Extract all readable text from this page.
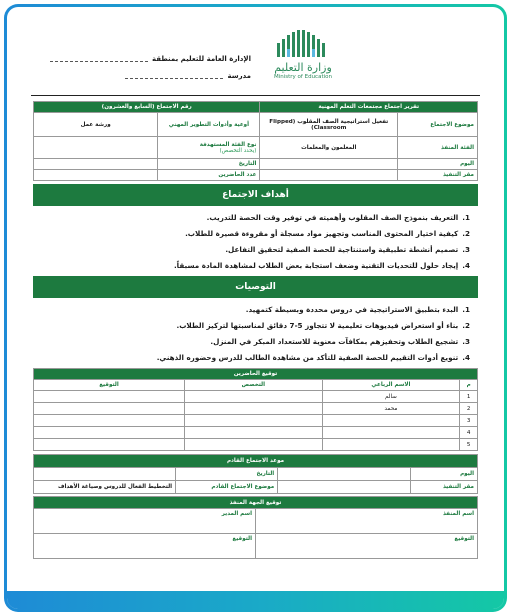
وزارة التعليم
Ministry of Education
الإدارة العامة للتعليم بمنطقة
مدرسة
تقرير اجتماع مجتمعات التعلم المهنية		رقم الاجتماع (السابع والعشرون)	
موضوع الاجتماع	تفعيل استراتيجية الصف المقلوب (Flipped Classroom)	أوعية وأدوات التطوير المهني	ورشة عمل
الفئة المنفذ	المعلمون والمعلمات	نوع الفئة المستهدفة
(يحدد التخصص)	

اليوم		التاريخ	
مقر التنفيذ		عدد الحاضرين	
أهداف الاجتماع
1.التعريف بنموذج الصف المقلوب وأهميته في توفير وقت الحصة للتدريب.
2.كيفية اختيار المحتوى المناسب وتجهيز مواد مسجلة أو مقروءة قصيرة للطلاب.
3.تصميم أنشطة تطبيقية واستنتاجية للحصة الصفية لتحقيق التفاعل.
4.إيجاد حلول للتحديات التقنية وضعف استجابة بعض الطلاب لمشاهدة المادة مسبقاً.
التوصيات
1.البدء بتطبيق الاستراتيجية في دروس محددة وبسيطة كتمهيد.
2.بناء أو استعراض فيديوهات تعليمية لا تتجاوز 5-7 دقائق لمناسبتها لتركيز الطلاب.
3.تشجيع الطلاب وتحفيزهم بمكافآت معنوية للاستعداد المبكر في المنزل.
4.تنويع أدوات التقييم للحصة الصفية للتأكد من مشاهدة الطالب للدرس وحضوره الذهني.
توقيع الحاضرين			
م	الاسم الرباعي	التخصص	التوقيع
1	سالم		
2	محمد		
3			
4			
5			
موعد الاجتماع القادم			
اليوم		التاريخ	
مقر التنفيذ		موضوع الاجتماع القادم	التخطيط الفعال للدروس وصياغة الأهداف
توقيع الجهة المنفذ	
اسم المنفذ	اسم المدير

التوقيع	التوقيع
